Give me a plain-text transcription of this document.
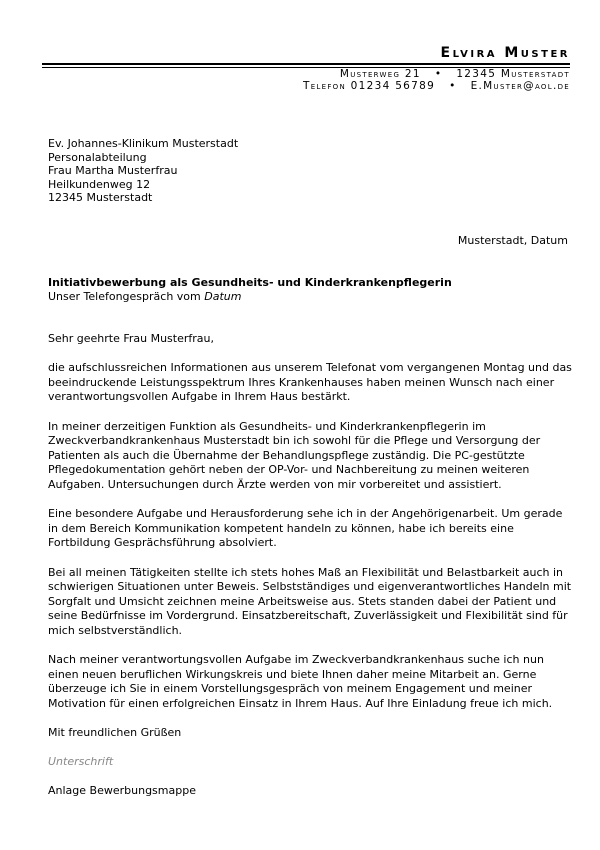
Elvira Muster
Musterweg 21 • 12345 Musterstadt
Telefon 01234 56789 • E.Muster@aol.de
Ev. Johannes-Klinikum Musterstadt
Personalabteilung
Frau Martha Musterfrau
Heilkundenweg 12
12345 Musterstadt
Musterstadt, Datum
Initiativbewerbung als Gesundheits- und Kinderkrankenpflegerin
Unser Telefongespräch vom Datum

Sehr geehrte Frau Musterfrau,

die aufschlussreichen Informationen aus unserem Telefonat vom vergangenen Montag und das beeindruckende Leistungsspektrum Ihres Krankenhauses haben meinen Wunsch nach einer verantwortungsvollen Aufgabe in Ihrem Haus bestärkt.

In meiner derzeitigen Funktion als Gesundheits- und Kinderkrankenpflegerin im Zweckverbandkrankenhaus Musterstadt bin ich sowohl für die Pflege und Versorgung der Patienten als auch die Übernahme der Behandlungspflege zuständig. Die PC-gestützte Pflegedokumentation gehört neben der OP-Vor- und Nachbereitung zu meinen weiteren Aufgaben. Untersuchungen durch Ärzte werden von mir vorbereitet und assistiert.

Eine besondere Aufgabe und Herausforderung sehe ich in der Angehörigenarbeit. Um gerade in dem Bereich Kommunikation kompetent handeln zu können, habe ich bereits eine Fortbildung Gesprächsführung absolviert.

Bei all meinen Tätigkeiten stellte ich stets hohes Maß an Flexibilität und Belastbarkeit auch in schwierigen Situationen unter Beweis. Selbstständiges und eigenverantwortliches Handeln mit Sorgfalt und Umsicht zeichnen meine Arbeitsweise aus. Stets standen dabei der Patient und seine Bedürfnisse im Vordergrund. Einsatzbereitschaft, Zuverlässigkeit und Flexibilität sind für mich selbstverständlich.

Nach meiner verantwortungsvollen Aufgabe im Zweckverbandkrankenhaus suche ich nun einen neuen beruflichen Wirkungskreis und biete Ihnen daher meine Mitarbeit an. Gerne überzeuge ich Sie in einem Vorstellungsgespräch von meinem Engagement und meiner Motivation für einen erfolgreichen Einsatz in Ihrem Haus. Auf Ihre Einladung freue ich mich.

Mit freundlichen Grüßen

Unterschrift

Anlage Bewerbungsmappe
